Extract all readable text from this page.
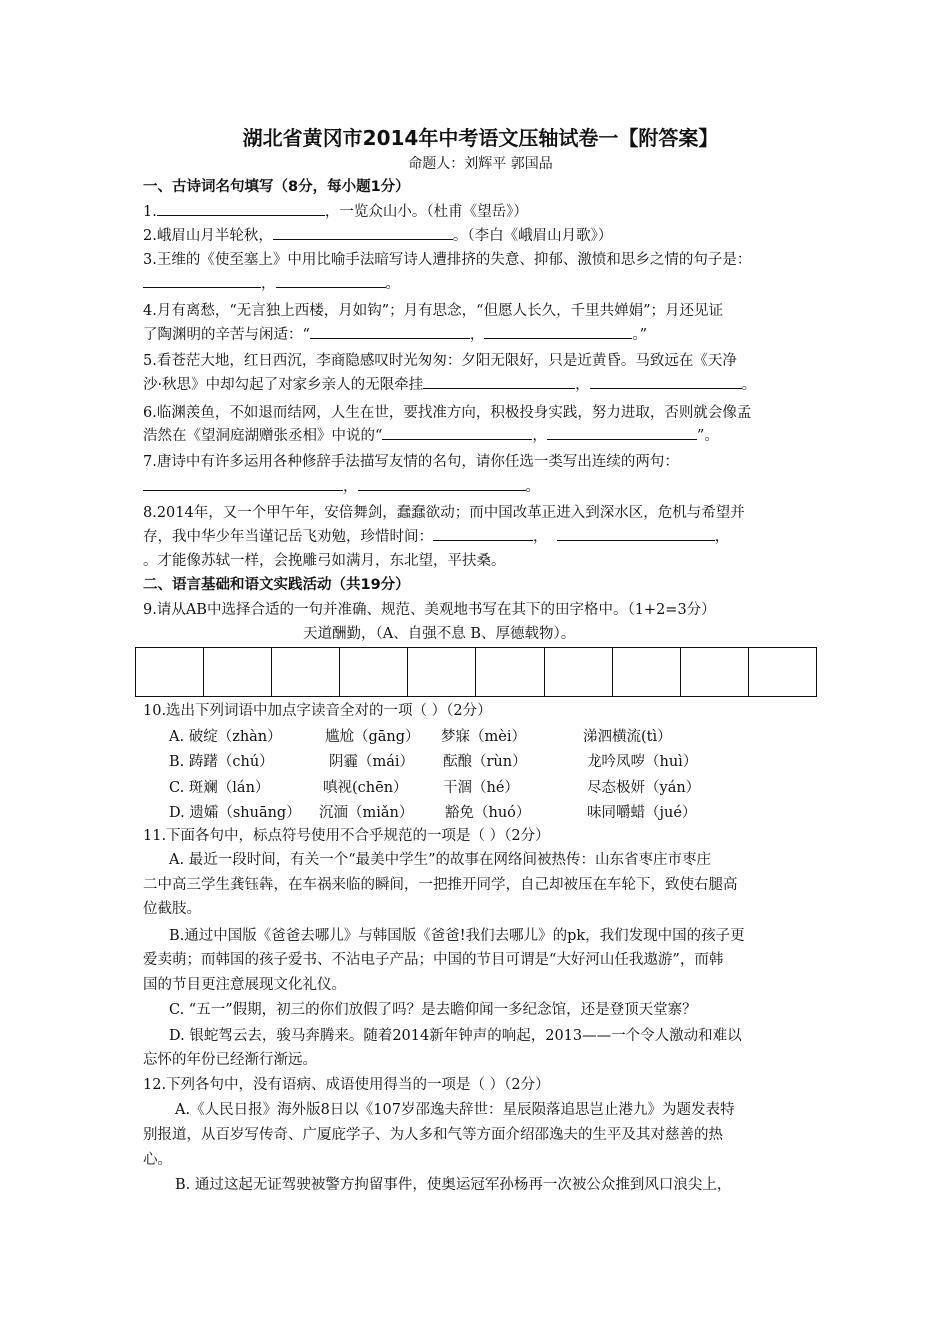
湖北省黄冈市2014年中考语文压轴试卷一【附答案】
命题人：刘辉平 郭国品
一、古诗词名句填写（8分，每小题1分）
1.	，一览众山小。（杜甫《望岳》）
2.峨眉山月半轮秋，	。（李白《峨眉山月歌》）
3.王维的《使至塞上》中用比喻手法暗写诗人遭排挤的失意、抑郁、激愤和思乡之情的句子是：
，	。
4.月有离愁，“无言独上西楼，月如钩”；月有思念，“但愿人长久，千里共婵娟”；月还见证
了陶渊明的辛苦与闲适：“	，	。”
5.看苍茫大地，红日西沉，李商隐感叹时光匆匆：夕阳无限好，只是近黄昏。马致远在《天净
沙·秋思》中却勾起了对家乡亲人的无限牵挂	，	。
6.临渊羡鱼，不如退而结网，人生在世，要找准方向，积极投身实践，努力进取，否则就会像孟
浩然在《望洞庭湖赠张丞相》中说的“	，	”。
7.唐诗中有许多运用各种修辞手法描写友情的名句，请你任选一类写出连续的两句：
，	。
8.2014年，又一个甲午年，安倍舞剑，蠢蠢欲动；而中国改革正进入到深水区，危机与希望并
存，我中华少年当谨记岳飞劝勉，珍惜时间：	，	，
。才能像苏轼一样，会挽雕弓如满月，东北望，平扶桑。
二、语言基础和语文实践活动（共19分）
9.请从AB中选择合适的一句并准确、规范、美观地书写在其下的田字格中。（1+2=3分）
天道酬勤，（A、自强不息 B、厚德载物）。
10.选出下列词语中加点字读音全对的一项（ ）（2分）
A. 破绽（zhàn）	尴尬（gāng） 梦寐（mèi）	涕泗横流(tì）
B. 踌躇（chú）	阴霾（mái） 酝酿（rùn）	龙吟凤哕（huì）
C. 斑斓（lán）	嗔视(chēn） 干涸（hé）	尽态极妍（yán）
D. 遗孀（shuāng） 沉湎（miǎn） 豁免（huó）	味同嚼蜡（jué）
11.下面各句中，标点符号使用不合乎规范的一项是（ ）（2分）
A. 最近一段时间，有关一个“最美中学生”的故事在网络间被热传：山东省枣庄市枣庄
二中高三学生龚钰犇，在车祸来临的瞬间，一把推开同学，自己却被压在车轮下，致使右腿高
位截肢。
B.通过中国版《爸爸去哪儿》与韩国版《爸爸!我们去哪儿》的pk，我们发现中国的孩子更
爱卖萌；而韩国的孩子爱书、不沾电子产品；中国的节目可谓是“大好河山任我遨游”，而韩
国的节目更注意展现文化礼仪。
C. “五一”假期，初三的你们放假了吗？是去瞻仰闻一多纪念馆，还是登顶天堂寨？
D. 银蛇驾云去，骏马奔腾来。随着2014新年钟声的响起，2013——一个令人激动和难以
忘怀的年份已经渐行渐远。
12.下列各句中，没有语病、成语使用得当的一项是（ ）（2分）
A.《人民日报》海外版8日以《107岁邵逸夫辞世：星辰陨落追思岂止港九》为题发表特
别报道，从百岁写传奇、广厦庇学子、为人多和气等方面介绍邵逸夫的生平及其对慈善的热
心。
B. 通过这起无证驾驶被警方拘留事件，使奥运冠军孙杨再一次被公众推到风口浪尖上，
